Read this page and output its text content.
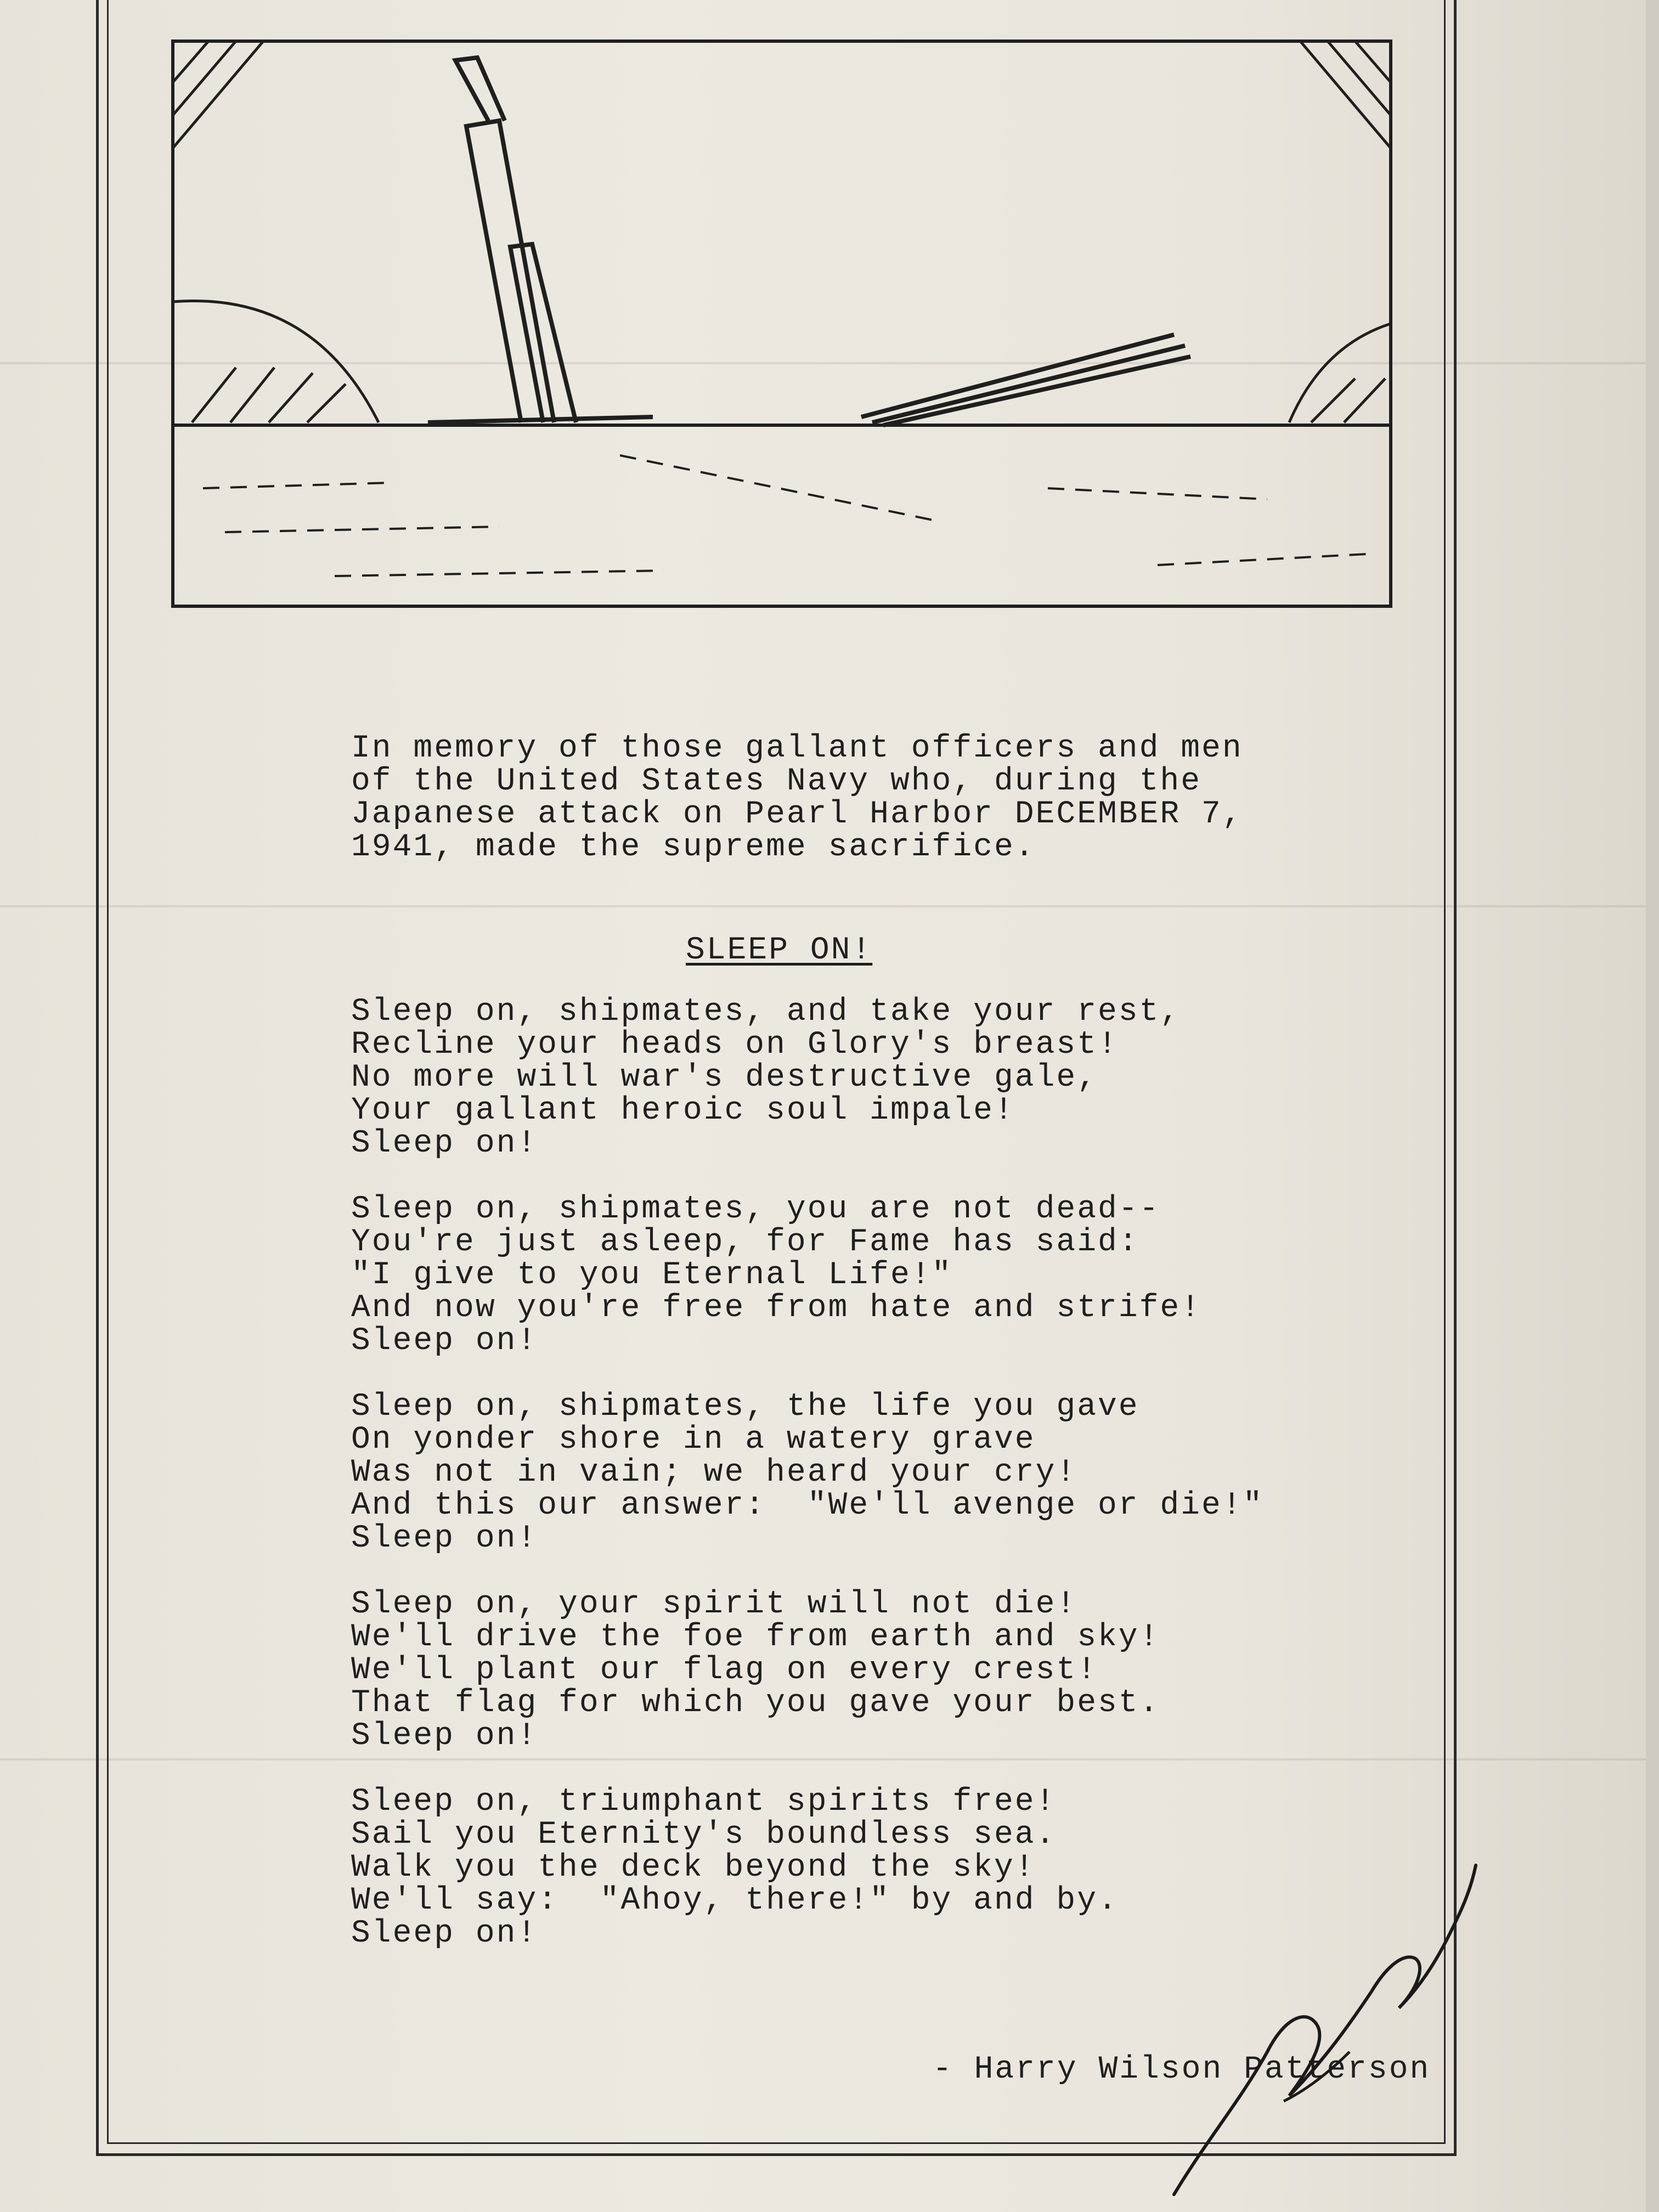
In memory of those gallant officers and men
of the United States Navy who, during the
Japanese attack on Pearl Harbor DECEMBER 7,
1941, made the supreme sacrifice.
SLEEP ON!
Sleep on, shipmates, and take your rest,
Recline your heads on Glory's breast!
No more will war's destructive gale,
Your gallant heroic soul impale!
Sleep on!
Sleep on, shipmates, you are not dead--
You're just asleep, for Fame has said:
"I give to you Eternal Life!"
And now you're free from hate and strife!
Sleep on!
Sleep on, shipmates, the life you gave
On yonder shore in a watery grave
Was not in vain; we heard your cry!
And this our answer:  "We'll avenge or die!"
Sleep on!
Sleep on, your spirit will not die!
We'll drive the foe from earth and sky!
We'll plant our flag on every crest!
That flag for which you gave your best.
Sleep on!
Sleep on, triumphant spirits free!
Sail you Eternity's boundless sea.
Walk you the deck beyond the sky!
We'll say:  "Ahoy, there!" by and by.
Sleep on!
- Harry Wilson Patterson
